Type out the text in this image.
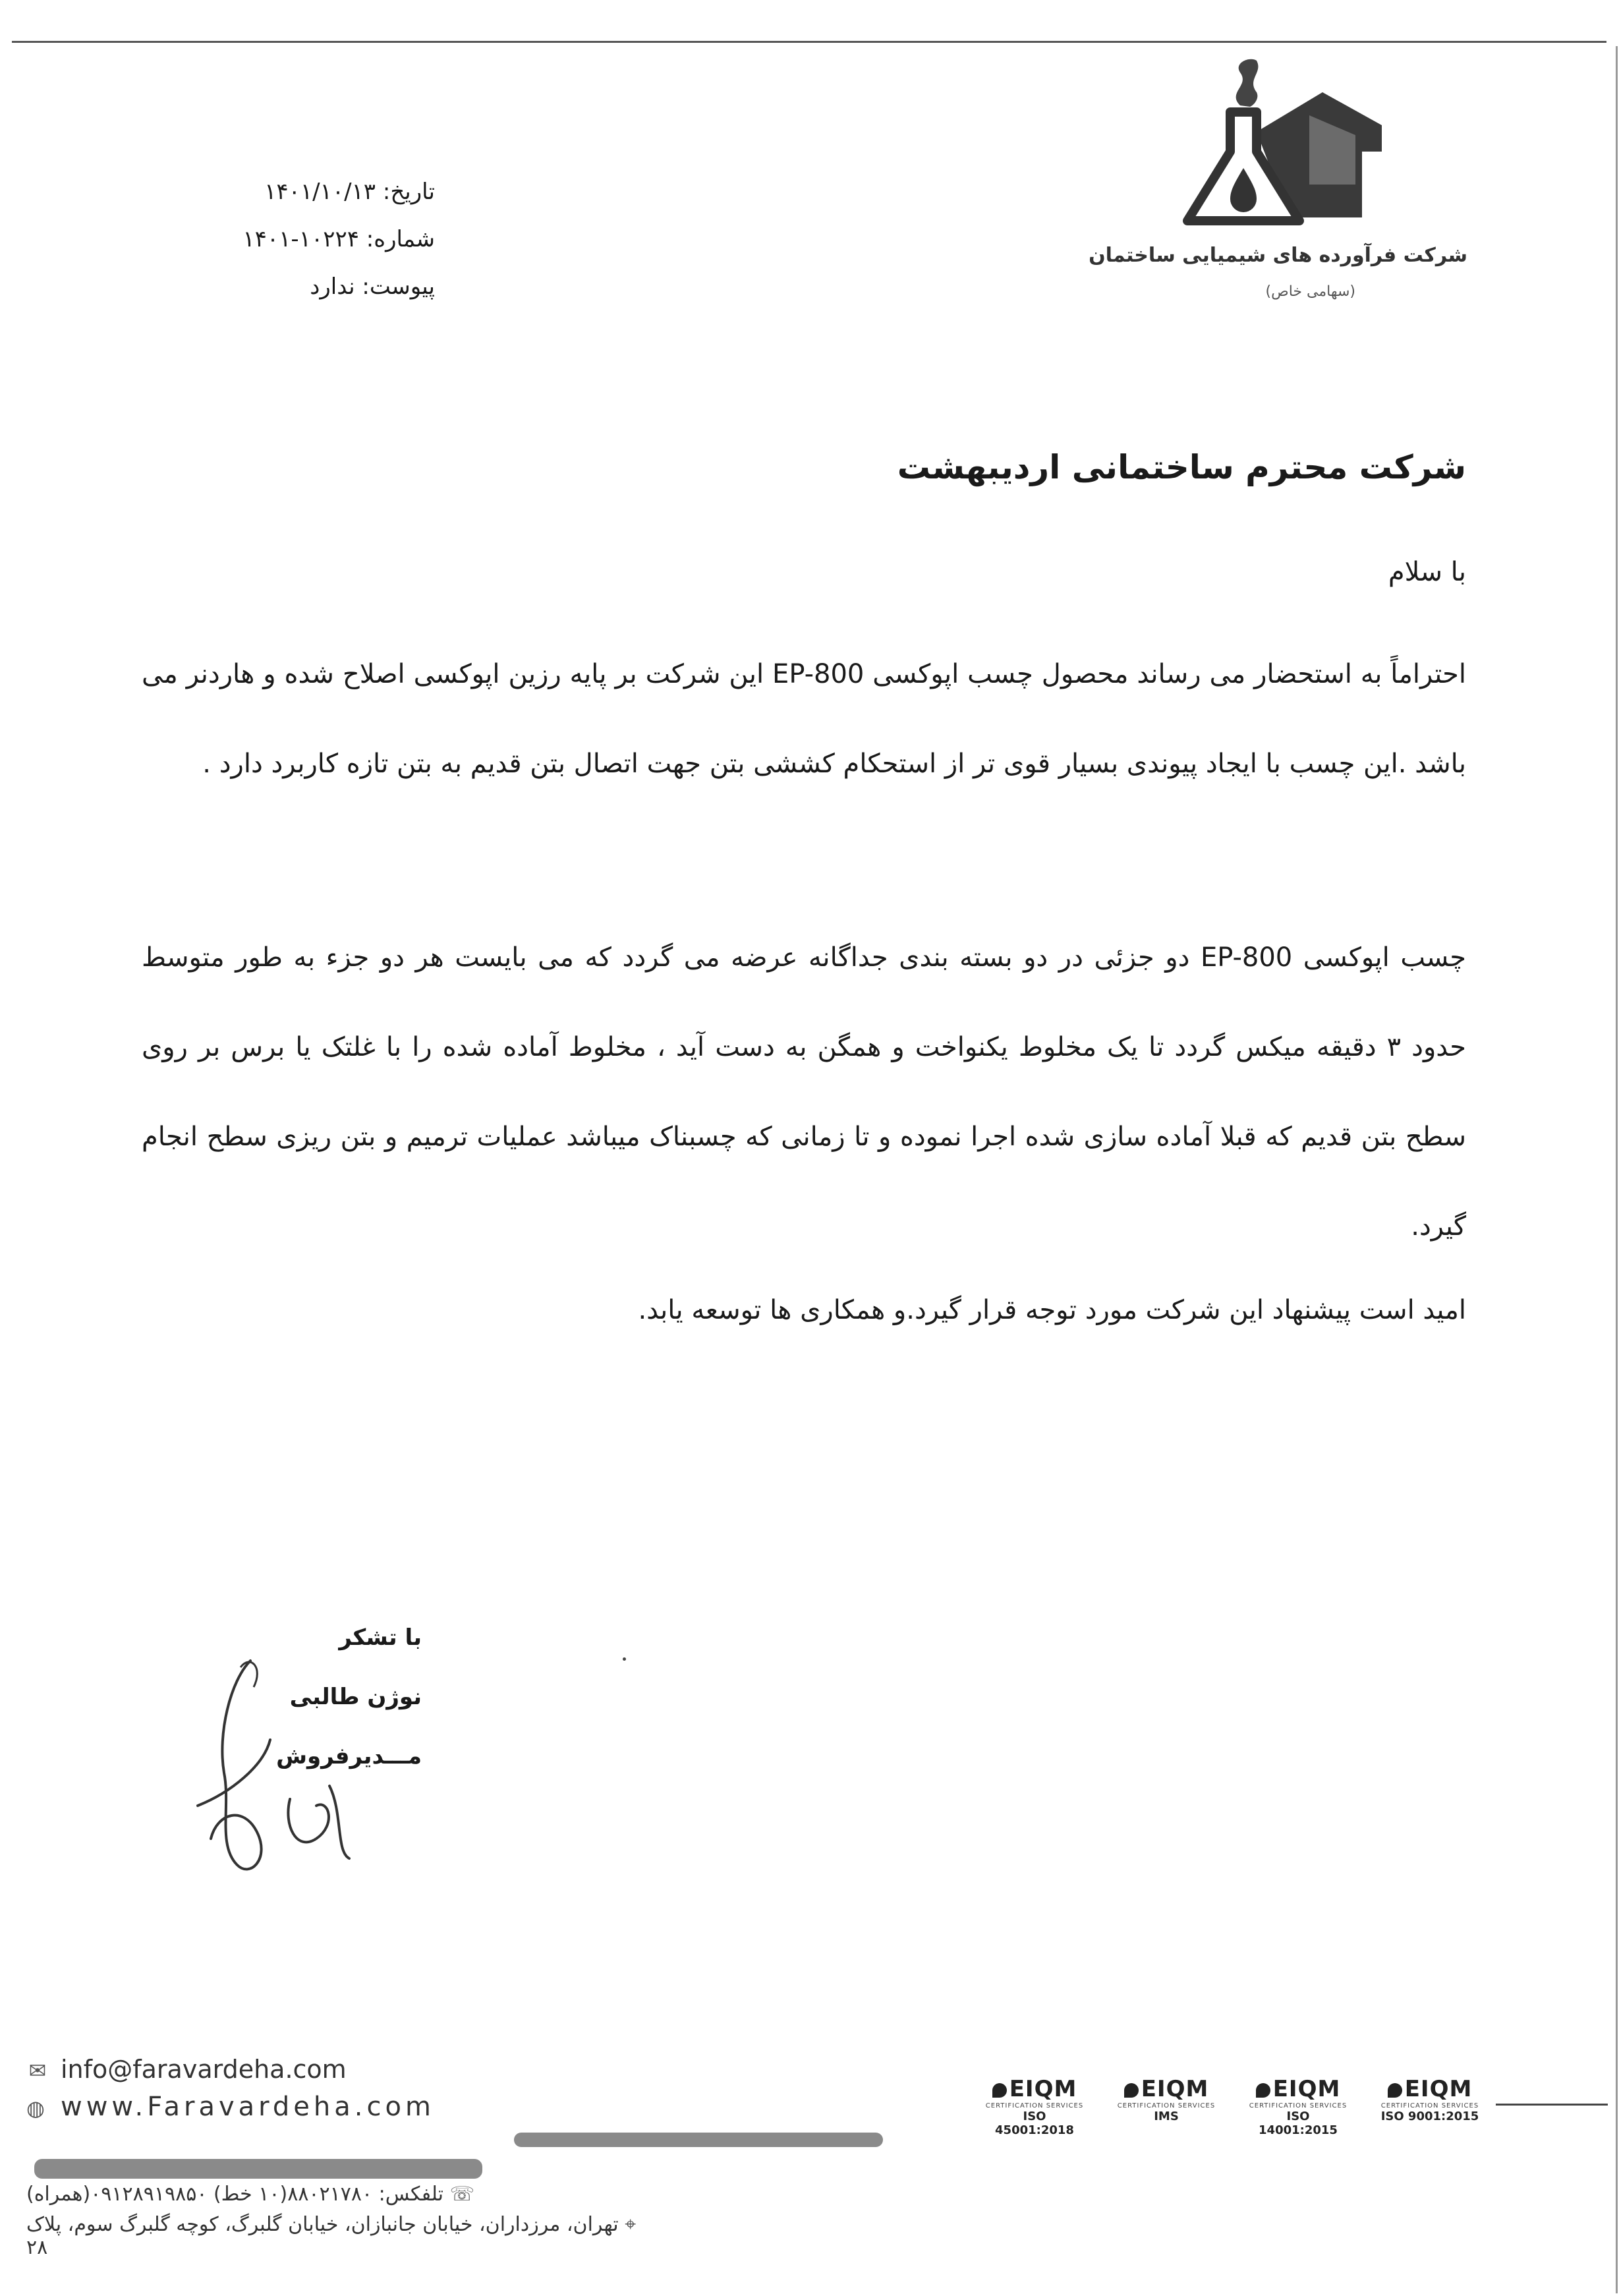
شرکت فرآورده های شیمیایی ساختمان
(سهامی خاص)
تاریخ: ۱۴۰۱/۱۰/۱۳
شماره: ۱۰۲۲۴-۱۴۰۱
پیوست: ندارد
شرکت محترم ساختمانی اردیبهشت
با سلام
احتراماً به استحضار می رساند محصول چسب اپوکسی EP-800 این شرکت بر پایه رزین اپوکسی اصلاح شده و هاردنر می باشد .این چسب با ایجاد پیوندی بسیار قوی تر از استحکام کششی بتن جهت اتصال بتن قدیم به بتن تازه کاربرد دارد .
چسب اپوکسی EP-800 دو جزئی در دو بسته بندی جداگانه عرضه می گردد که می بایست هر دو جزء به طور متوسط حدود ۳ دقیقه میکس گردد تا یک مخلوط یکنواخت و همگن به دست آید ، مخلوط آماده شده را با غلتک یا برس بر روی سطح بتن قدیم که قبلا آماده سازی شده اجرا نموده و تا زمانی که چسبناک میباشد عملیات ترمیم و بتن ریزی سطح انجام گیرد.
امید است پیشنهاد این شرکت مورد توجه قرار گیرد.و همکاری ها توسعه یابد.
با تشکر
نوژن طالبی
مـــدیرفروش
✉ info@faravardeha.com
◍ www.Faravardeha.com
☏ تلفکس: ۸۸۰۲۱۷۸۰(۱۰ خط) ۰۹۱۲۸۹۱۹۸۵۰(همراه)
⌖ تهران، مرزداران، خیابان جانبازان، خیابان گلبرگ، کوچه گلبرگ سوم، پلاک ۲۸
EIQM
CERTIFICATION SERVICES
ISO 45001:2018
EIQM
CERTIFICATION SERVICES
IMS
EIQM
CERTIFICATION SERVICES
ISO 14001:2015
EIQM
CERTIFICATION SERVICES
ISO 9001:2015
